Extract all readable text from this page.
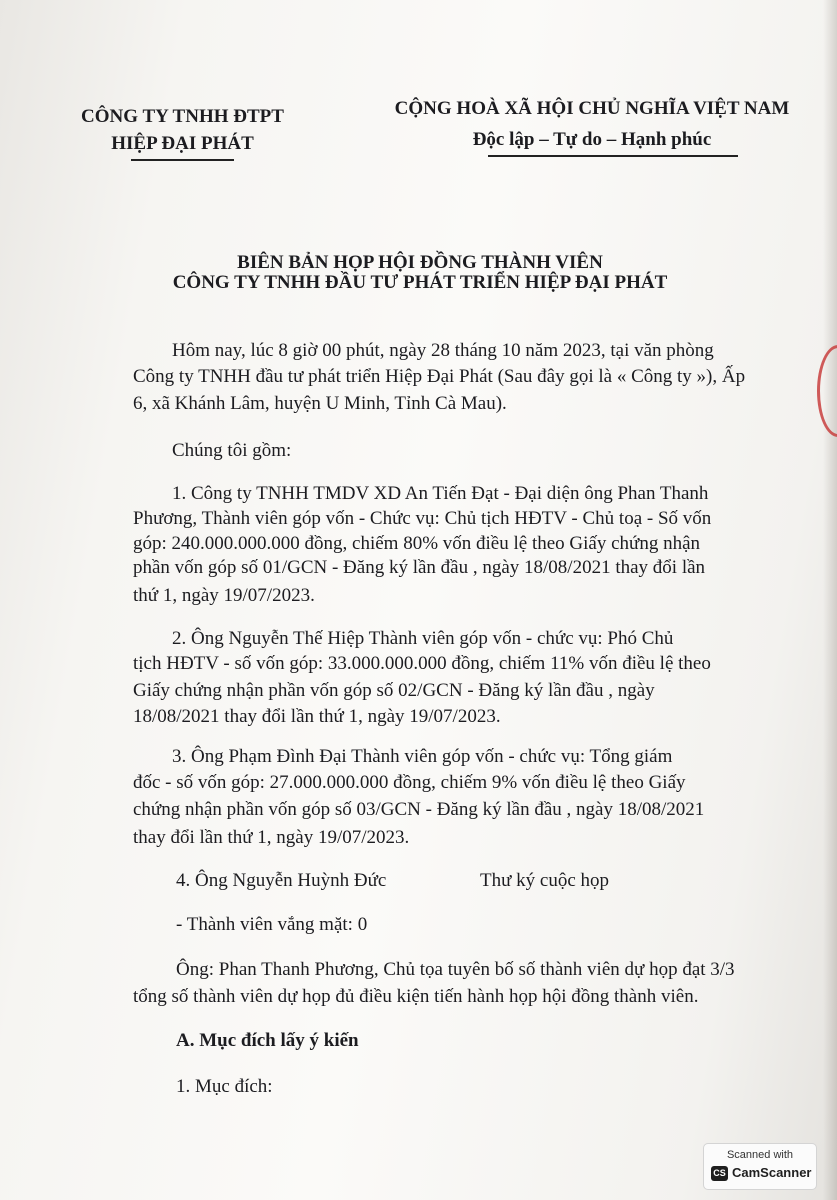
CÔNG TY TNHH ĐTPT
HIỆP ĐẠI PHÁT
CỘNG HOÀ XÃ HỘI CHỦ NGHĨA VIỆT NAM
Độc lập – Tự do – Hạnh phúc
BIÊN BẢN HỌP HỘI ĐỒNG THÀNH VIÊN
CÔNG TY TNHH ĐẦU TƯ PHÁT TRIỂN HIỆP ĐẠI PHÁT
Hôm nay, lúc 8 giờ 00 phút, ngày 28 tháng 10 năm 2023, tại văn phòng
Công ty TNHH đầu tư phát triển Hiệp Đại Phát (Sau đây gọi là « Công ty »), Ấp
6, xã Khánh Lâm, huyện U Minh, Tỉnh Cà Mau).
Chúng tôi gồm:
1. Công ty TNHH TMDV XD An Tiến Đạt - Đại diện ông Phan Thanh
Phương, Thành viên góp vốn - Chức vụ: Chủ tịch HĐTV - Chủ toạ - Số vốn
góp: 240.000.000.000 đồng, chiếm 80% vốn điều lệ theo Giấy chứng nhận
phần vốn góp số 01/GCN - Đăng ký lần đầu , ngày 18/08/2021 thay đổi lần
thứ 1, ngày 19/07/2023.
2. Ông Nguyễn Thế Hiệp Thành viên góp vốn - chức vụ: Phó Chủ
tịch HĐTV - số vốn góp: 33.000.000.000 đồng, chiếm 11% vốn điều lệ theo
Giấy chứng nhận phần vốn góp số 02/GCN - Đăng ký lần đầu , ngày
18/08/2021 thay đổi lần thứ 1, ngày 19/07/2023.
3. Ông Phạm Đình Đại Thành viên góp vốn - chức vụ: Tổng giám
đốc - số vốn góp: 27.000.000.000 đồng, chiếm 9% vốn điều lệ theo Giấy
chứng nhận phần vốn góp số 03/GCN - Đăng ký lần đầu , ngày 18/08/2021
thay đổi lần thứ 1, ngày 19/07/2023.
4. Ông Nguyễn Huỳnh Đức	Thư ký cuộc họp
- Thành viên vắng mặt: 0
Ông: Phan Thanh Phương, Chủ tọa tuyên bố số thành viên dự họp đạt 3/3
tổng số thành viên dự họp đủ điều kiện tiến hành họp hội đồng thành viên.
A. Mục đích lấy ý kiến
1. Mục đích:
Scanned with
CS CamScanner
